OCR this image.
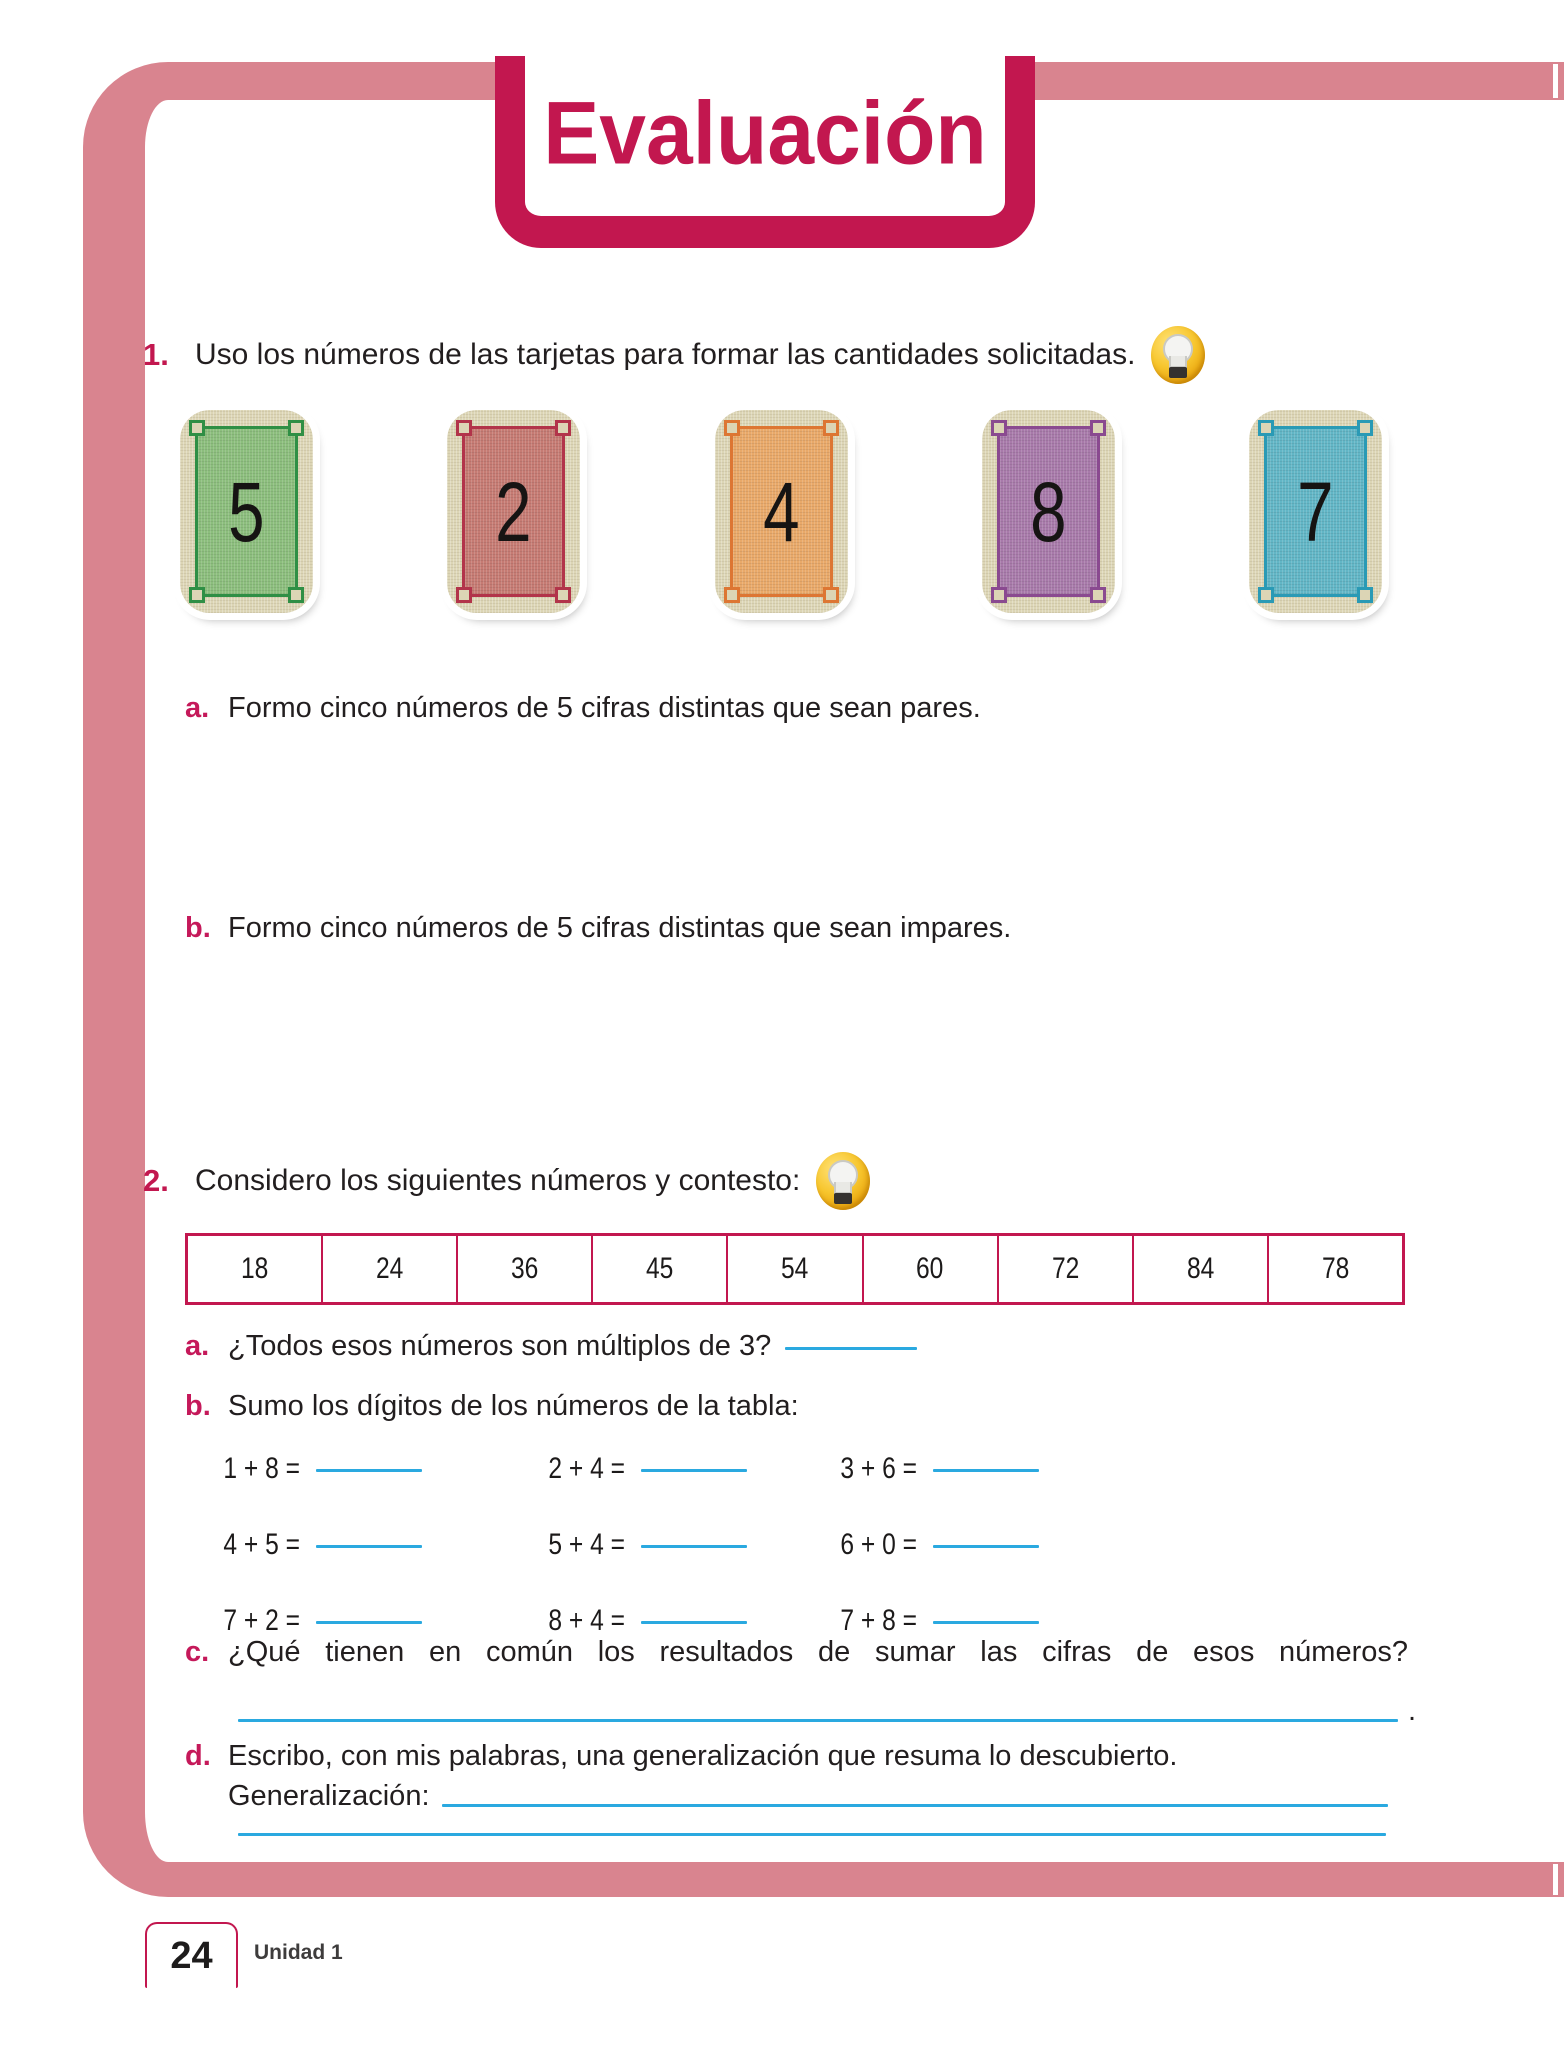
Evaluación
1. Uso los números de las tarjetas para formar las cantidades solicitadas.
5	2	4	8	7
a. Formo cinco números de 5 cifras distintas que sean pares.
b. Formo cinco números de 5 cifras distintas que sean impares.
2. Considero los siguientes números y contesto:
18	24	36	45	54	60	72	84	78
a. ¿Todos esos números son múltiplos de 3?
b. Sumo los dígitos de los números de la tabla:
1 + 8 =	2 + 4 =	3 + 6 =
4 + 5 =	5 + 4 =	6 + 0 =
7 + 2 =	8 + 4 =	7 + 8 =
c. ¿Qué tienen en común los resultados de sumar las cifras de esos números?
.
d. Escribo, con mis palabras, una generalización que resuma lo descubierto.
Generalización:
24 Unidad 1
